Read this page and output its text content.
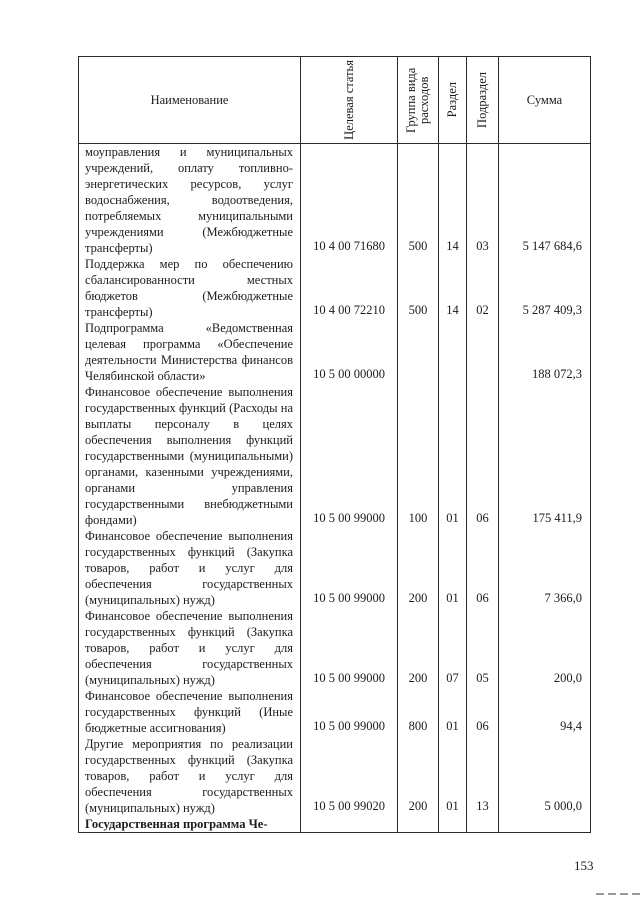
Наименование	Целевая статья	Группа вида расходов	Раздел	Подраздел	Сумма

моуправления и муниципальных учреждений, оплату топливно-энергетических ресурсов, услуг водоснабжения, водоотведения, потребляемых муниципальными учреждениями (Межбюджетные трансферты)	10 4 00 71680	500	14	03	5 147 684,6

Поддержка мер по обеспечению сбалансированности местных бюджетов (Межбюджетные трансферты)	10 4 00 72210	500	14	02	5 287 409,3

Подпрограмма «Ведомственная целевая программа «Обеспечение деятельности Министерства финансов Челябинской области»	10 5 00 00000				188 072,3

Финансовое обеспечение выполнения государственных функций (Расходы на выплаты персоналу в целях обеспечения выполнения функций государственными (муниципальными) органами, казенными учреждениями, органами управления государственными внебюджетными фондами)	10 5 00 99000	100	01	06	175 411,9

Финансовое обеспечение выполнения государственных функций (Закупка товаров, работ и услуг для обеспечения государственных (муниципальных) нужд)	10 5 00 99000	200	01	06	7 366,0

Финансовое обеспечение выполнения государственных функций (Закупка товаров, работ и услуг для обеспечения государственных (муниципальных) нужд)	10 5 00 99000	200	07	05	200,0

Финансовое обеспечение выполнения государственных функций (Иные бюджетные ассигнования)	10 5 00 99000	800	01	06	94,4

Другие мероприятия по реализации государственных функций (Закупка товаров, работ и услуг для обеспечения государственных (муниципальных) нужд)	10 5 00 99020	200	01	13	5 000,0

Государственная программа Че-					

153
